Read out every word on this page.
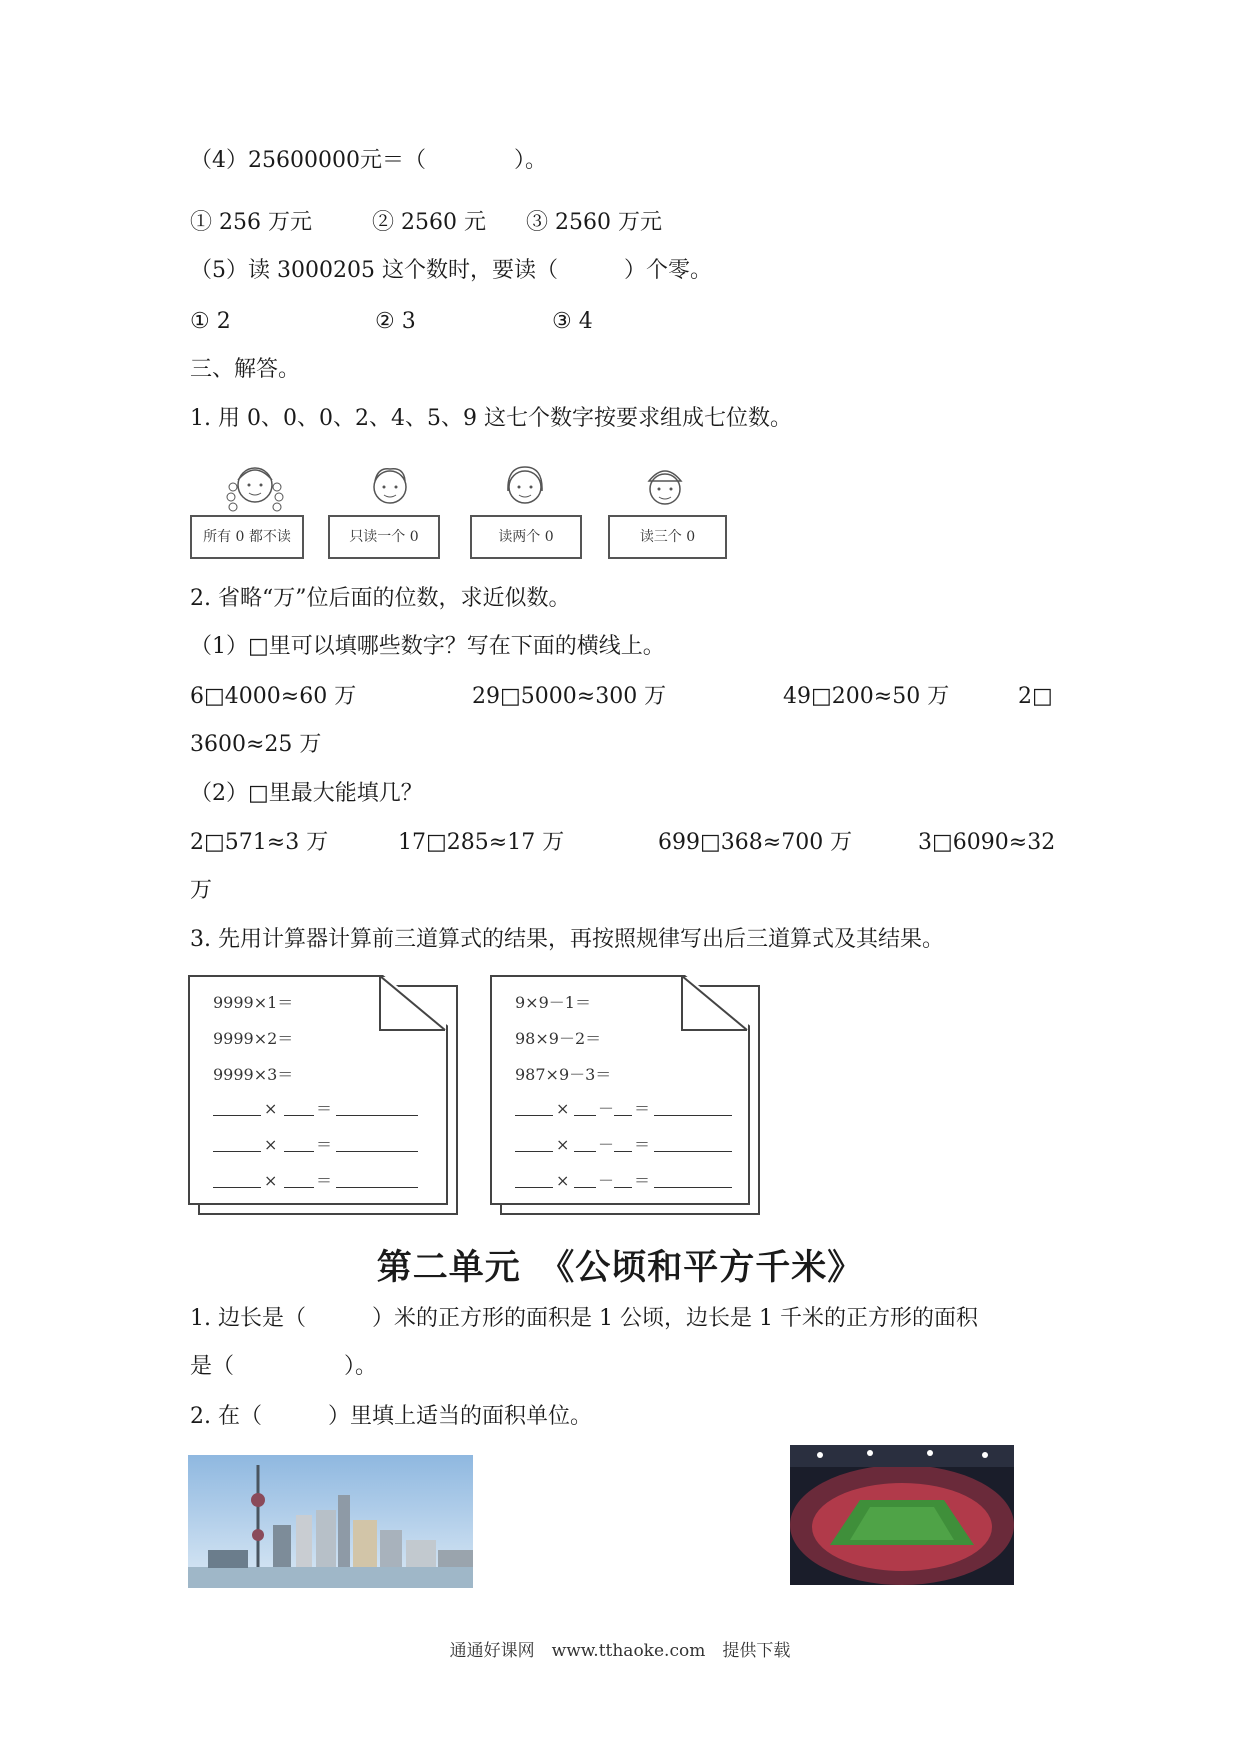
（4）25600000元＝（　　　　）。
① 256 万元	② 2560 元 ③ 2560 万元
（5）读 3000205 这个数时，要读（　　　）个零。
① 2	② 3	③ 4
三、解答。
1. 用 0、0、0、2、4、5、9 这七个数字按要求组成七位数。
所有 0 都不读	只读一个 0	读两个 0	读三个 0
2. 省略“万”位后面的位数，求近似数。
（1）□里可以填哪些数字？写在下面的横线上。
6□4000≈60 万	29□5000≈300 万	49□200≈50 万	2□
3600≈25 万
（2）□里最大能填几？
2□571≈3 万	17□285≈17 万	699□368≈700 万	3□6090≈32
万
3. 先用计算器计算前三道算式的结果，再按照规律写出后三道算式及其结果。
9999×1＝
9999×2＝
9999×3＝
× ＝
× ＝
× ＝
9×9－1＝
98×9－2＝
987×9－3＝
× － ＝
× － ＝
× － ＝
第二单元　《公顷和平方千米》
1. 边长是（　　　）米的正方形的面积是 1 公顷，边长是 1 千米的正方形的面积
是（　　　　　）。
2. 在（　　　）里填上适当的面积单位。
通通好课网　www.tthaoke.com　提供下载
